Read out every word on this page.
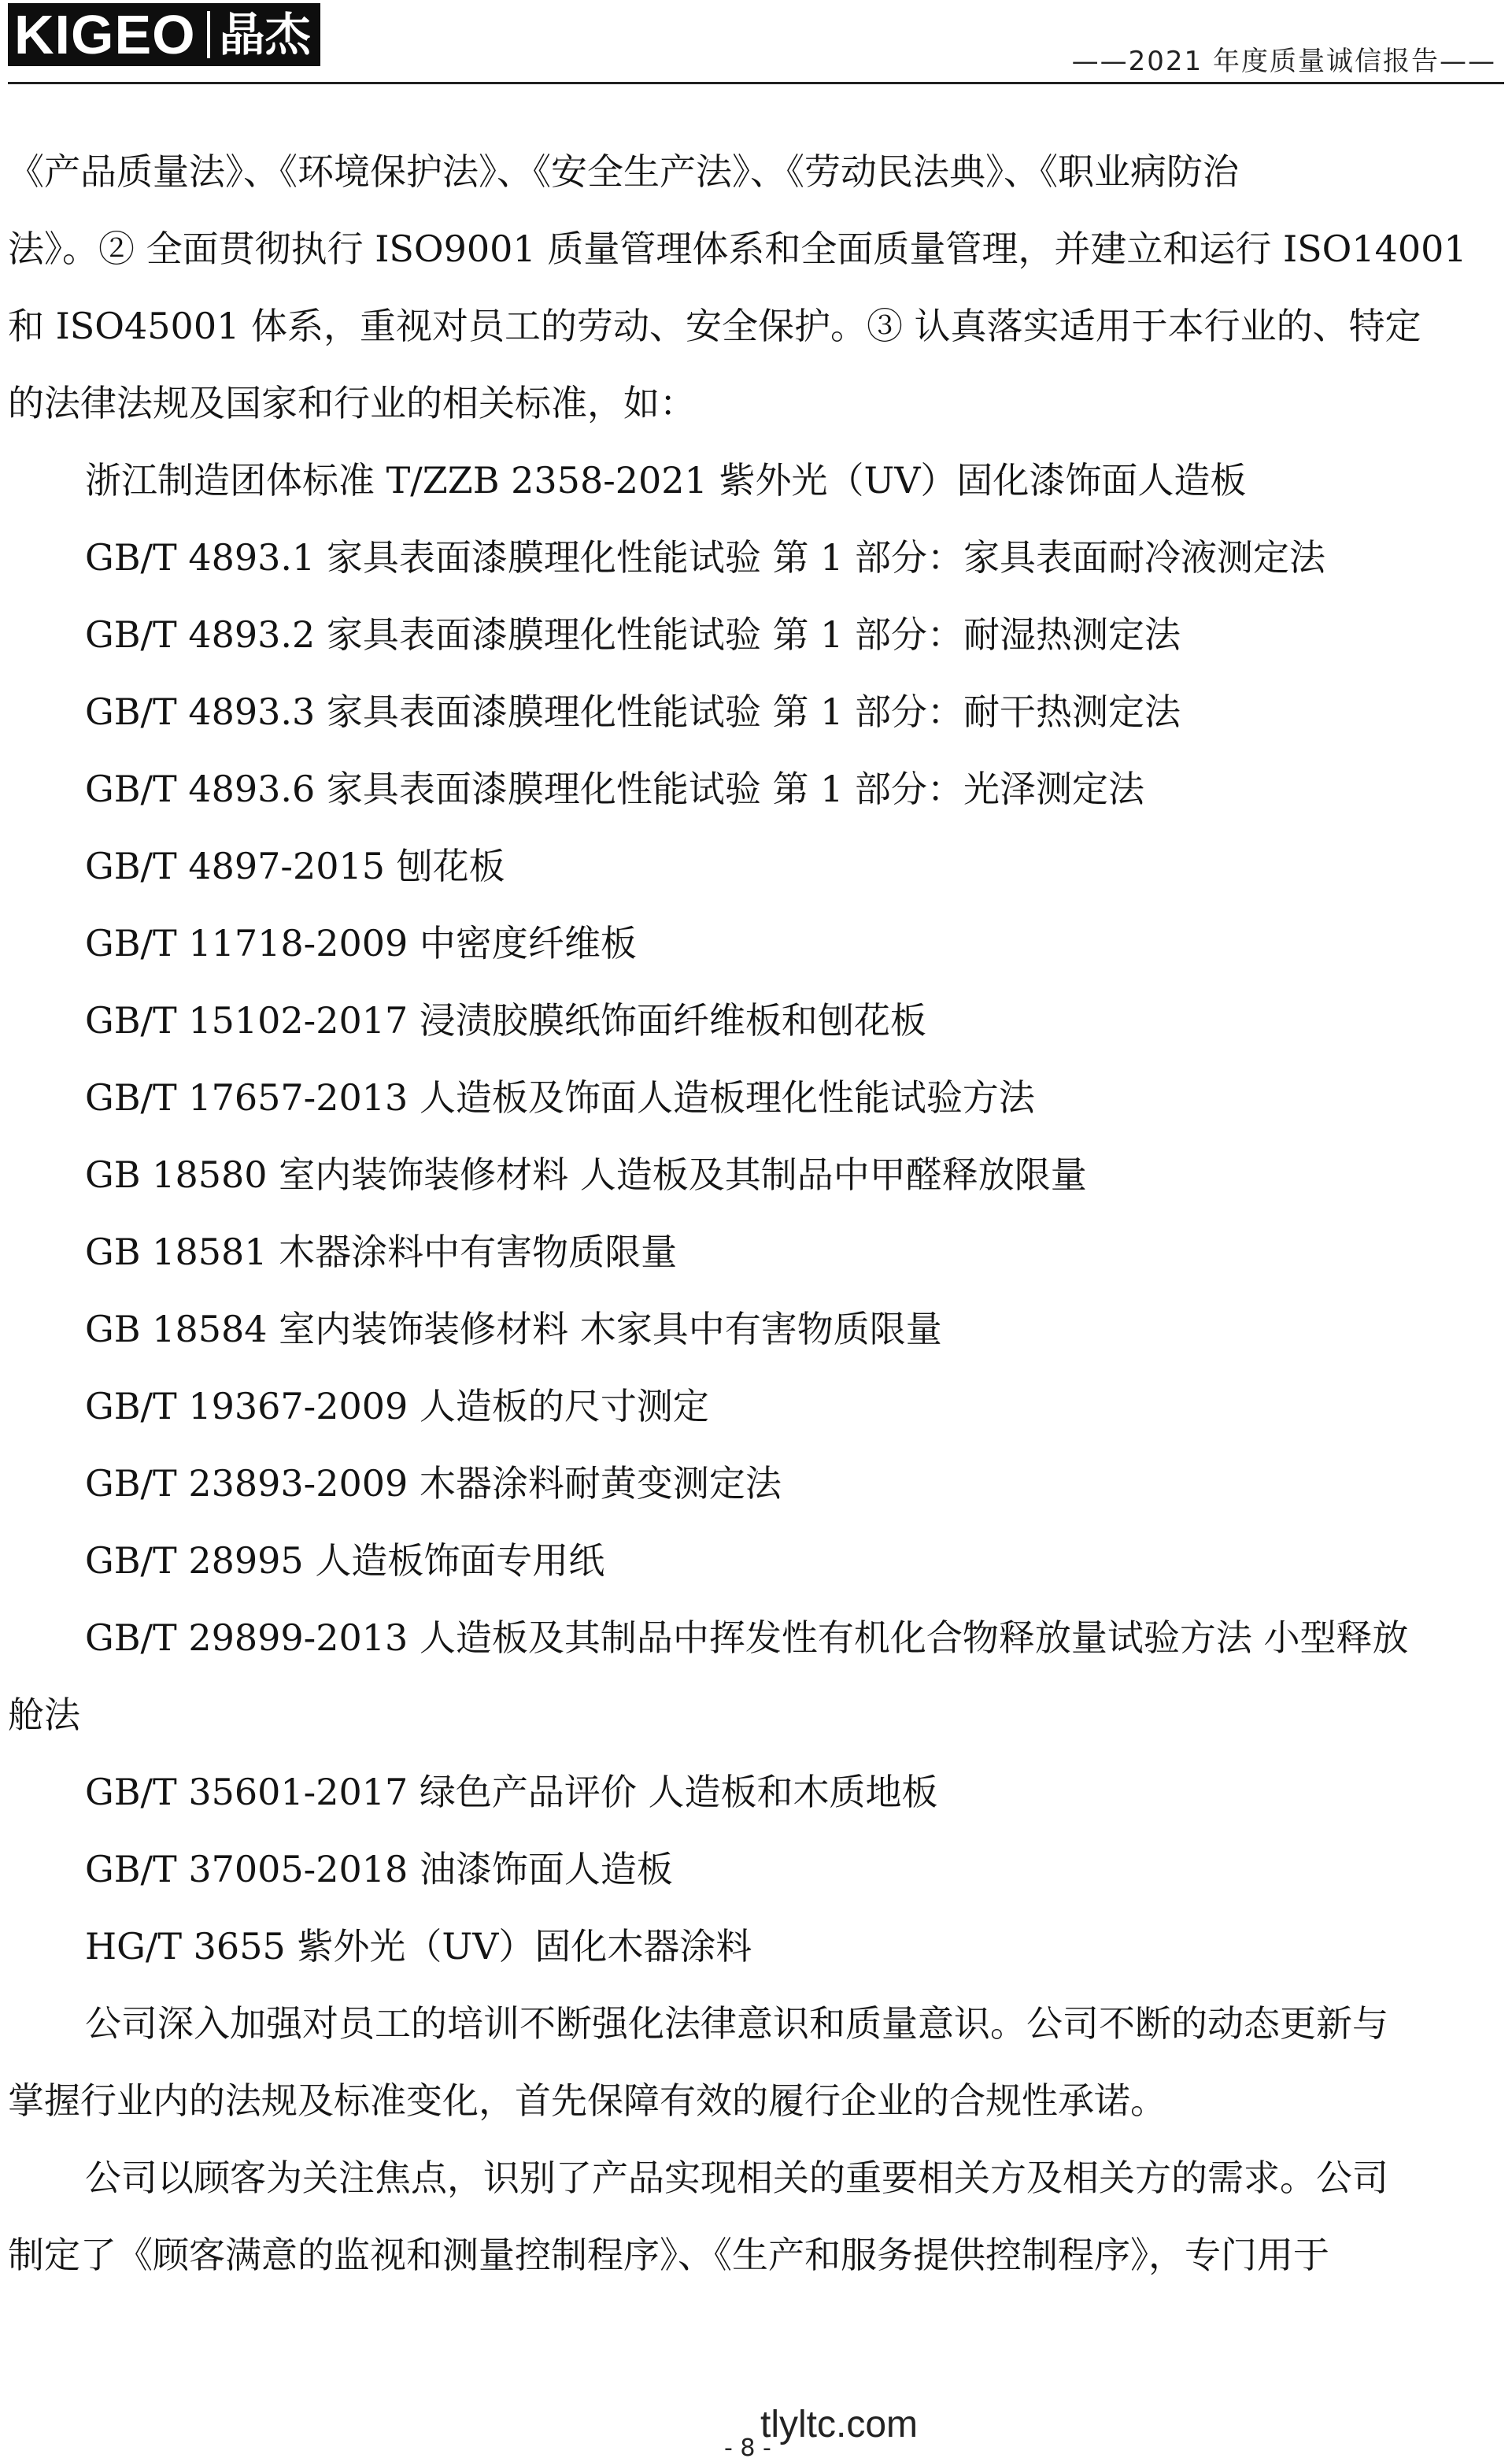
KIGEO 晶杰	——2021 年度质量诚信报告——
《产品质量法》、《环境保护法》、《安全生产法》、《劳动民法典》、《职业病防治
法》。② 全面贯彻执行 ISO9001 质量管理体系和全面质量管理，并建立和运行 ISO14001
和 ISO45001 体系，重视对员工的劳动、安全保护。③ 认真落实适用于本行业的、特定
的法律法规及国家和行业的相关标准，如：
浙江制造团体标准 T/ZZB 2358-2021 紫外光（UV）固化漆饰面人造板
GB/T 4893.1 家具表面漆膜理化性能试验 第 1 部分：家具表面耐冷液测定法
GB/T 4893.2 家具表面漆膜理化性能试验 第 1 部分：耐湿热测定法
GB/T 4893.3 家具表面漆膜理化性能试验 第 1 部分：耐干热测定法
GB/T 4893.6 家具表面漆膜理化性能试验 第 1 部分：光泽测定法
GB/T 4897-2015 刨花板
GB/T 11718-2009 中密度纤维板
GB/T 15102-2017 浸渍胶膜纸饰面纤维板和刨花板
GB/T 17657-2013 人造板及饰面人造板理化性能试验方法
GB 18580 室内装饰装修材料 人造板及其制品中甲醛释放限量
GB 18581 木器涂料中有害物质限量
GB 18584 室内装饰装修材料 木家具中有害物质限量
GB/T 19367-2009 人造板的尺寸测定
GB/T 23893-2009 木器涂料耐黄变测定法
GB/T 28995 人造板饰面专用纸
GB/T 29899-2013 人造板及其制品中挥发性有机化合物释放量试验方法 小型释放
舱法
GB/T 35601-2017 绿色产品评价 人造板和木质地板
GB/T 37005-2018 油漆饰面人造板
HG/T 3655 紫外光（UV）固化木器涂料
公司深入加强对员工的培训不断强化法律意识和质量意识。公司不断的动态更新与
掌握行业内的法规及标准变化，首先保障有效的履行企业的合规性承诺。
公司以顾客为关注焦点，识别了产品实现相关的重要相关方及相关方的需求。公司
制定了《顾客满意的监视和测量控制程序》、《生产和服务提供控制程序》，专门用于
tlyltc.com
- 8 -
